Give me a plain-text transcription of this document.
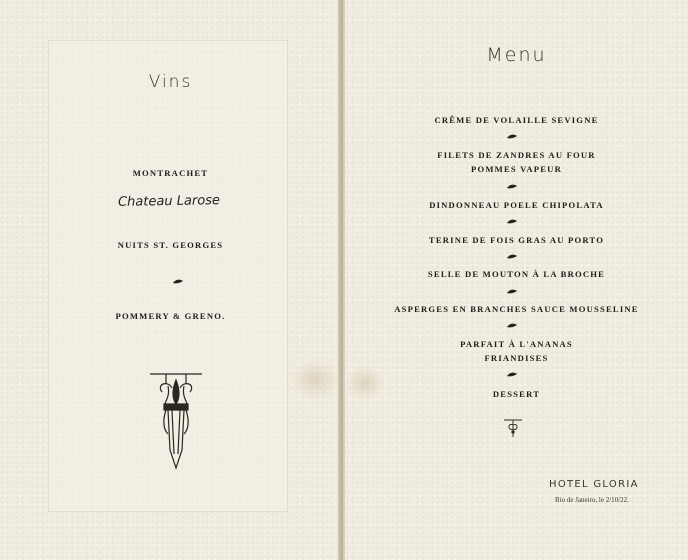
Vins
MONTRACHET
Chateau Larose
NUITS ST. GEORGES
POMMERY & GRENO.
Menu
CRÊME DE VOLAILLE SEVIGNE
FILETS DE ZANDRES AU FOUR
POMMES VAPEUR
DINDONNEAU POELE CHIPOLATA
TERINE DE FOIS GRAS AU PORTO
SELLE DE MOUTON À LA BROCHE
ASPERGES EN BRANCHES SAUCE MOUSSELINE
PARFAIT À L'ANANAS
FRIANDISES
DESSERT
HOTEL GLORIA
Rio de Janeiro, le 2/10/22.
